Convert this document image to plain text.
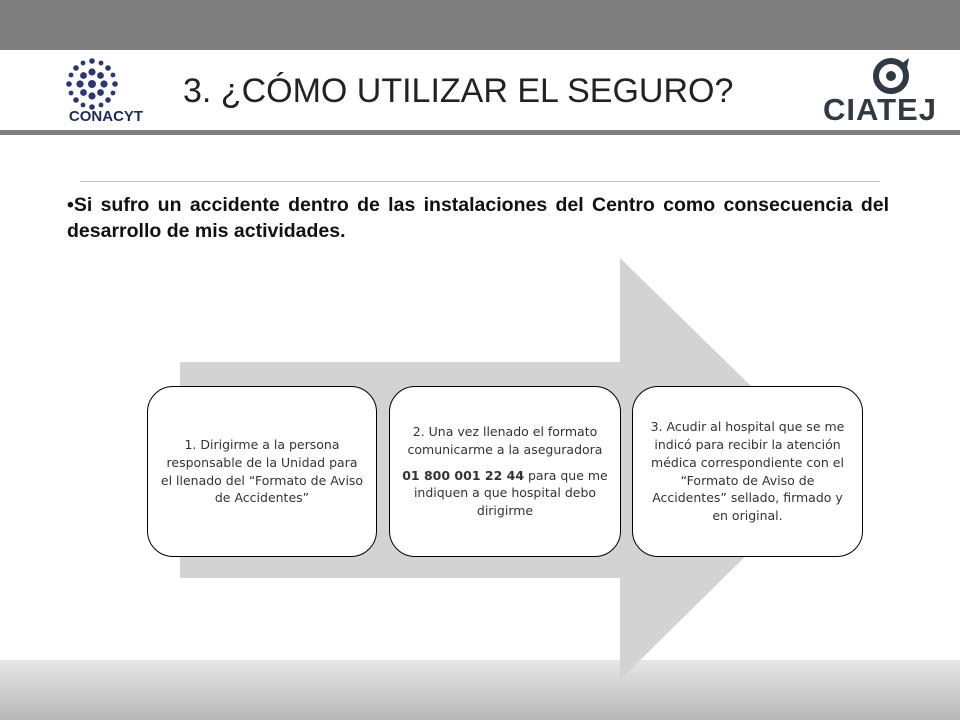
CONACYT
3. ¿CÓMO UTILIZAR EL SEGURO?	CIATEJ
•Si sufro un accidente dentro de las instalaciones del Centro como consecuencia del desarrollo de mis actividades.

1. Dirigirme a la persona responsable de la Unidad para el llenado del “Formato de Aviso de Accidentes”

2. Una vez llenado el formato comunicarme a la aseguradora

01 800 001 22 44 para que me indiquen a que hospital debo dirigirme

3. Acudir al hospital que se me indicó para recibir la atención médica correspondiente con el “Formato de Aviso de Accidentes” sellado, firmado y en original.
